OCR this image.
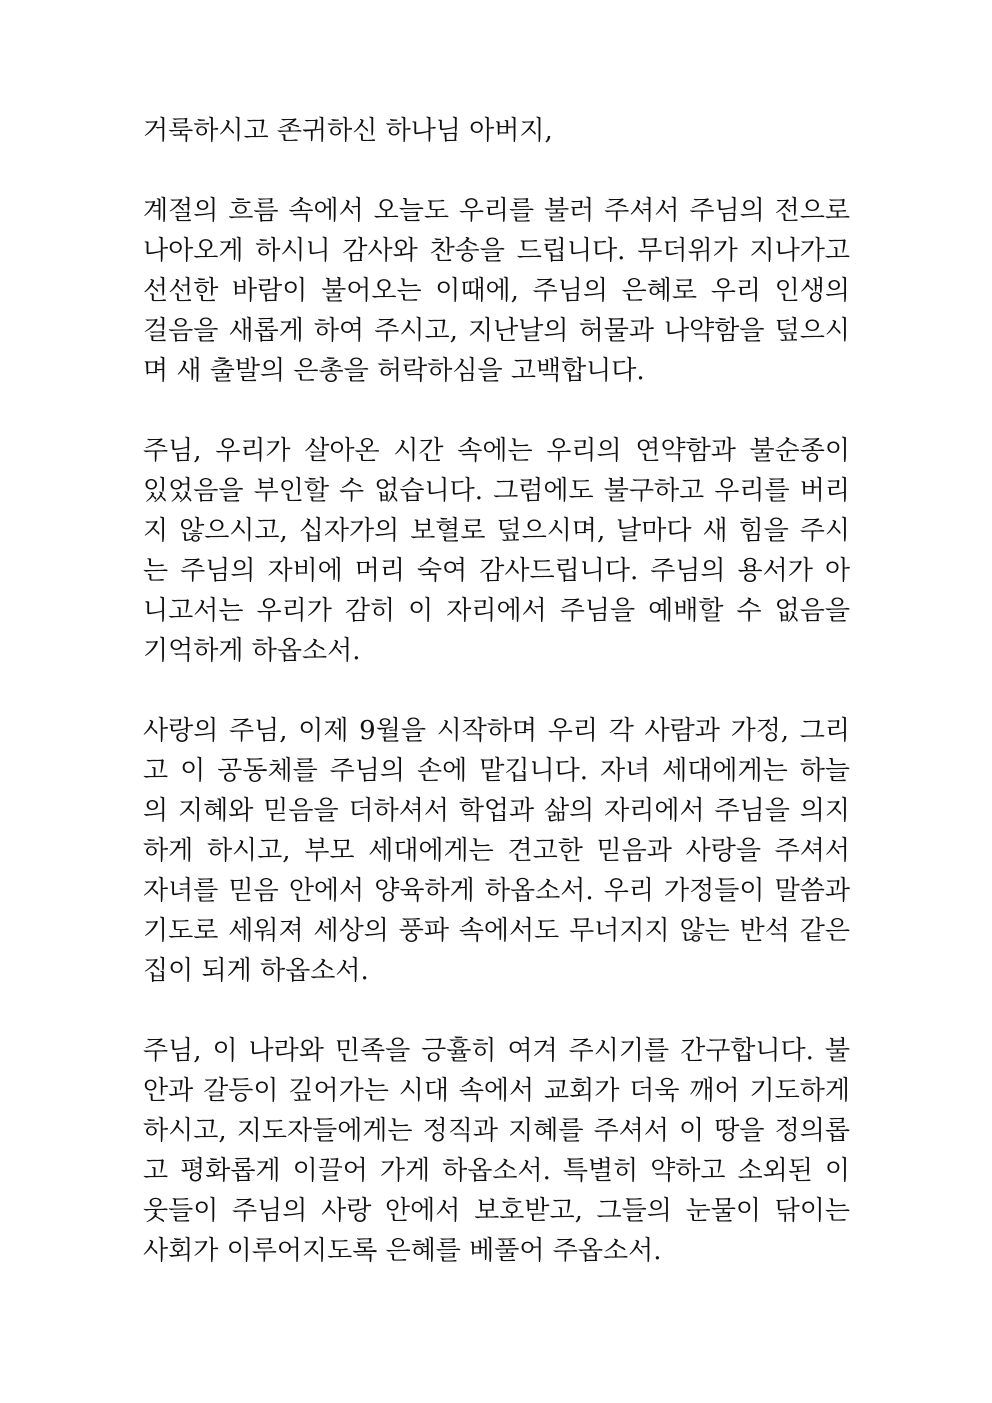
거룩하시고 존귀하신 하나님 아버지,

계절의 흐름 속에서 오늘도 우리를 불러 주셔서 주님의 전으로
나아오게 하시니 감사와 찬송을 드립니다. 무더위가 지나가고
선선한 바람이 불어오는 이때에, 주님의 은혜로 우리 인생의
걸음을 새롭게 하여 주시고, 지난날의 허물과 나약함을 덮으시
며 새 출발의 은총을 허락하심을 고백합니다.

주님, 우리가 살아온 시간 속에는 우리의 연약함과 불순종이
있었음을 부인할 수 없습니다. 그럼에도 불구하고 우리를 버리
지 않으시고, 십자가의 보혈로 덮으시며, 날마다 새 힘을 주시
는 주님의 자비에 머리 숙여 감사드립니다. 주님의 용서가 아
니고서는 우리가 감히 이 자리에서 주님을 예배할 수 없음을
기억하게 하옵소서.

사랑의 주님, 이제 9월을 시작하며 우리 각 사람과 가정, 그리
고 이 공동체를 주님의 손에 맡깁니다. 자녀 세대에게는 하늘
의 지혜와 믿음을 더하셔서 학업과 삶의 자리에서 주님을 의지
하게 하시고, 부모 세대에게는 견고한 믿음과 사랑을 주셔서
자녀를 믿음 안에서 양육하게 하옵소서. 우리 가정들이 말씀과
기도로 세워져 세상의 풍파 속에서도 무너지지 않는 반석 같은
집이 되게 하옵소서.

주님, 이 나라와 민족을 긍휼히 여겨 주시기를 간구합니다. 불
안과 갈등이 깊어가는 시대 속에서 교회가 더욱 깨어 기도하게
하시고, 지도자들에게는 정직과 지혜를 주셔서 이 땅을 정의롭
고 평화롭게 이끌어 가게 하옵소서. 특별히 약하고 소외된 이
웃들이 주님의 사랑 안에서 보호받고, 그들의 눈물이 닦이는
사회가 이루어지도록 은혜를 베풀어 주옵소서.
